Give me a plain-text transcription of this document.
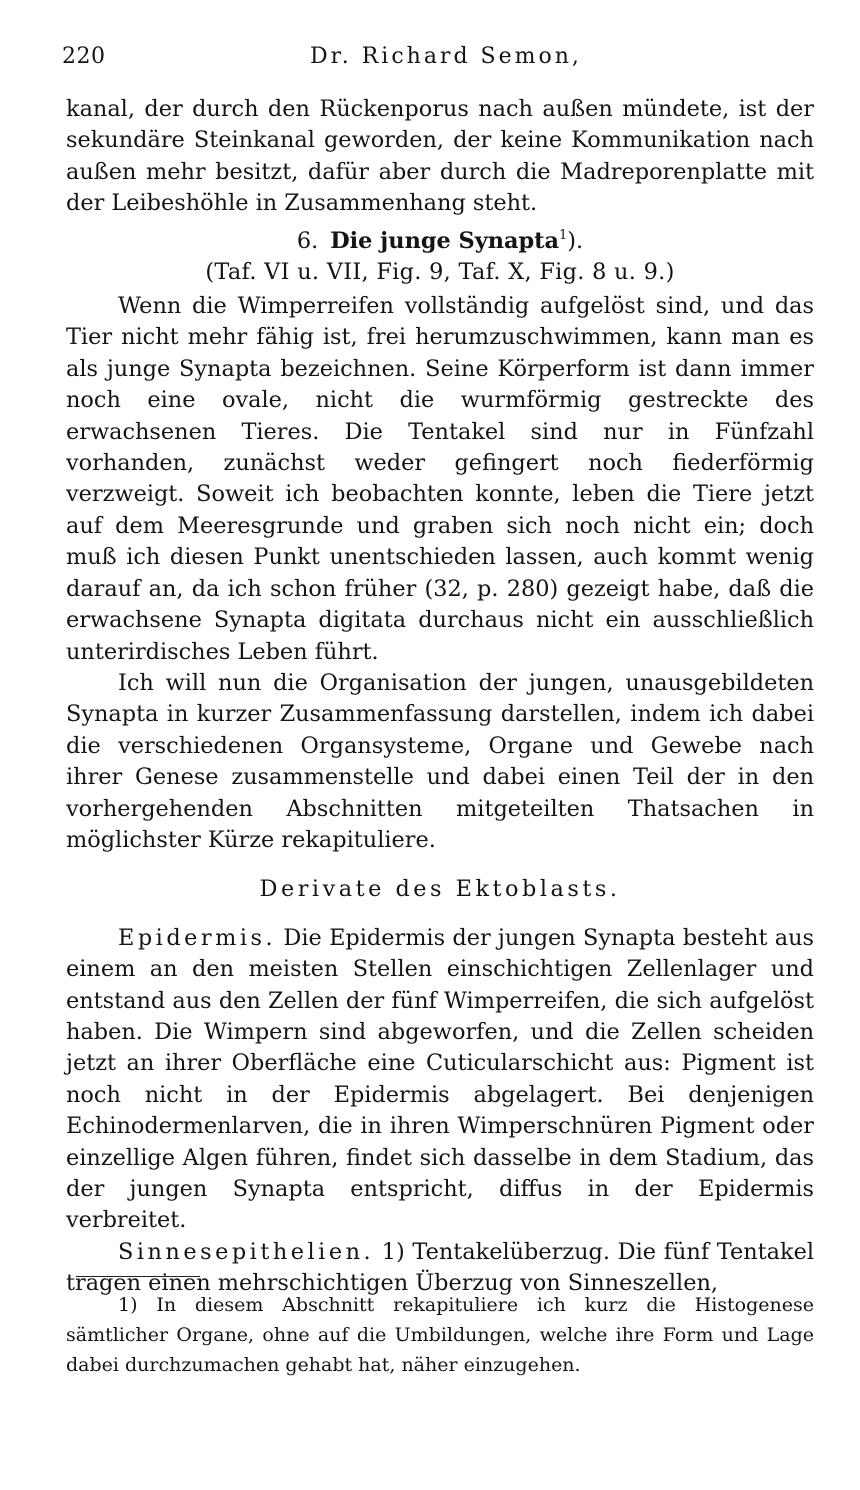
220	Dr. Richard Semon,

kanal, der durch den Rückenporus nach außen mündete, ist der sekundäre Steinkanal geworden, der keine Kommunikation nach außen mehr besitzt, dafür aber durch die Madreporenplatte mit der Leibeshöhle in Zusammenhang steht.

6. Die junge Synapta$^1$).

(Taf. VI u. VII, Fig. 9, Taf. X, Fig. 8 u. 9.)

Wenn die Wimperreifen vollständig aufgelöst sind, und das Tier nicht mehr fähig ist, frei herumzuschwimmen, kann man es als junge Synapta bezeichnen. Seine Körperform ist dann immer noch eine ovale, nicht die wurmförmig gestreckte des erwachsenen Tieres. Die Tentakel sind nur in Fünfzahl vorhanden, zunächst weder gefingert noch fiederförmig verzweigt. Soweit ich beobachten konnte, leben die Tiere jetzt auf dem Meeresgrunde und graben sich noch nicht ein; doch muß ich diesen Punkt unentschieden lassen, auch kommt wenig darauf an, da ich schon früher (32, p. 280) gezeigt habe, daß die erwachsene Synapta digitata durchaus nicht ein ausschließlich unterirdisches Leben führt.

Ich will nun die Organisation der jungen, unausgebildeten Synapta in kurzer Zusammenfassung darstellen, indem ich dabei die verschiedenen Organsysteme, Organe und Gewebe nach ihrer Genese zusammenstelle und dabei einen Teil der in den vorhergehenden Abschnitten mitgeteilten Thatsachen in möglichster Kürze rekapituliere.

Derivate des Ektoblasts.

Epidermis. Die Epidermis der jungen Synapta besteht aus einem an den meisten Stellen einschichtigen Zellenlager und entstand aus den Zellen der fünf Wimperreifen, die sich aufgelöst haben. Die Wimpern sind abgeworfen, und die Zellen scheiden jetzt an ihrer Oberfläche eine Cuticularschicht aus: Pigment ist noch nicht in der Epidermis abgelagert. Bei denjenigen Echinodermenlarven, die in ihren Wimperschnüren Pigment oder einzellige Algen führen, findet sich dasselbe in dem Stadium, das der jungen Synapta entspricht, diffus in der Epidermis verbreitet.

Sinnesepithelien. 1) Tentakelüberzug. Die fünf Tentakel tragen einen mehrschichtigen Überzug von Sinneszellen,

1) In diesem Abschnitt rekapituliere ich kurz die Histogenese sämtlicher Organe, ohne auf die Umbildungen, welche ihre Form und Lage dabei durchzumachen gehabt hat, näher einzugehen.
